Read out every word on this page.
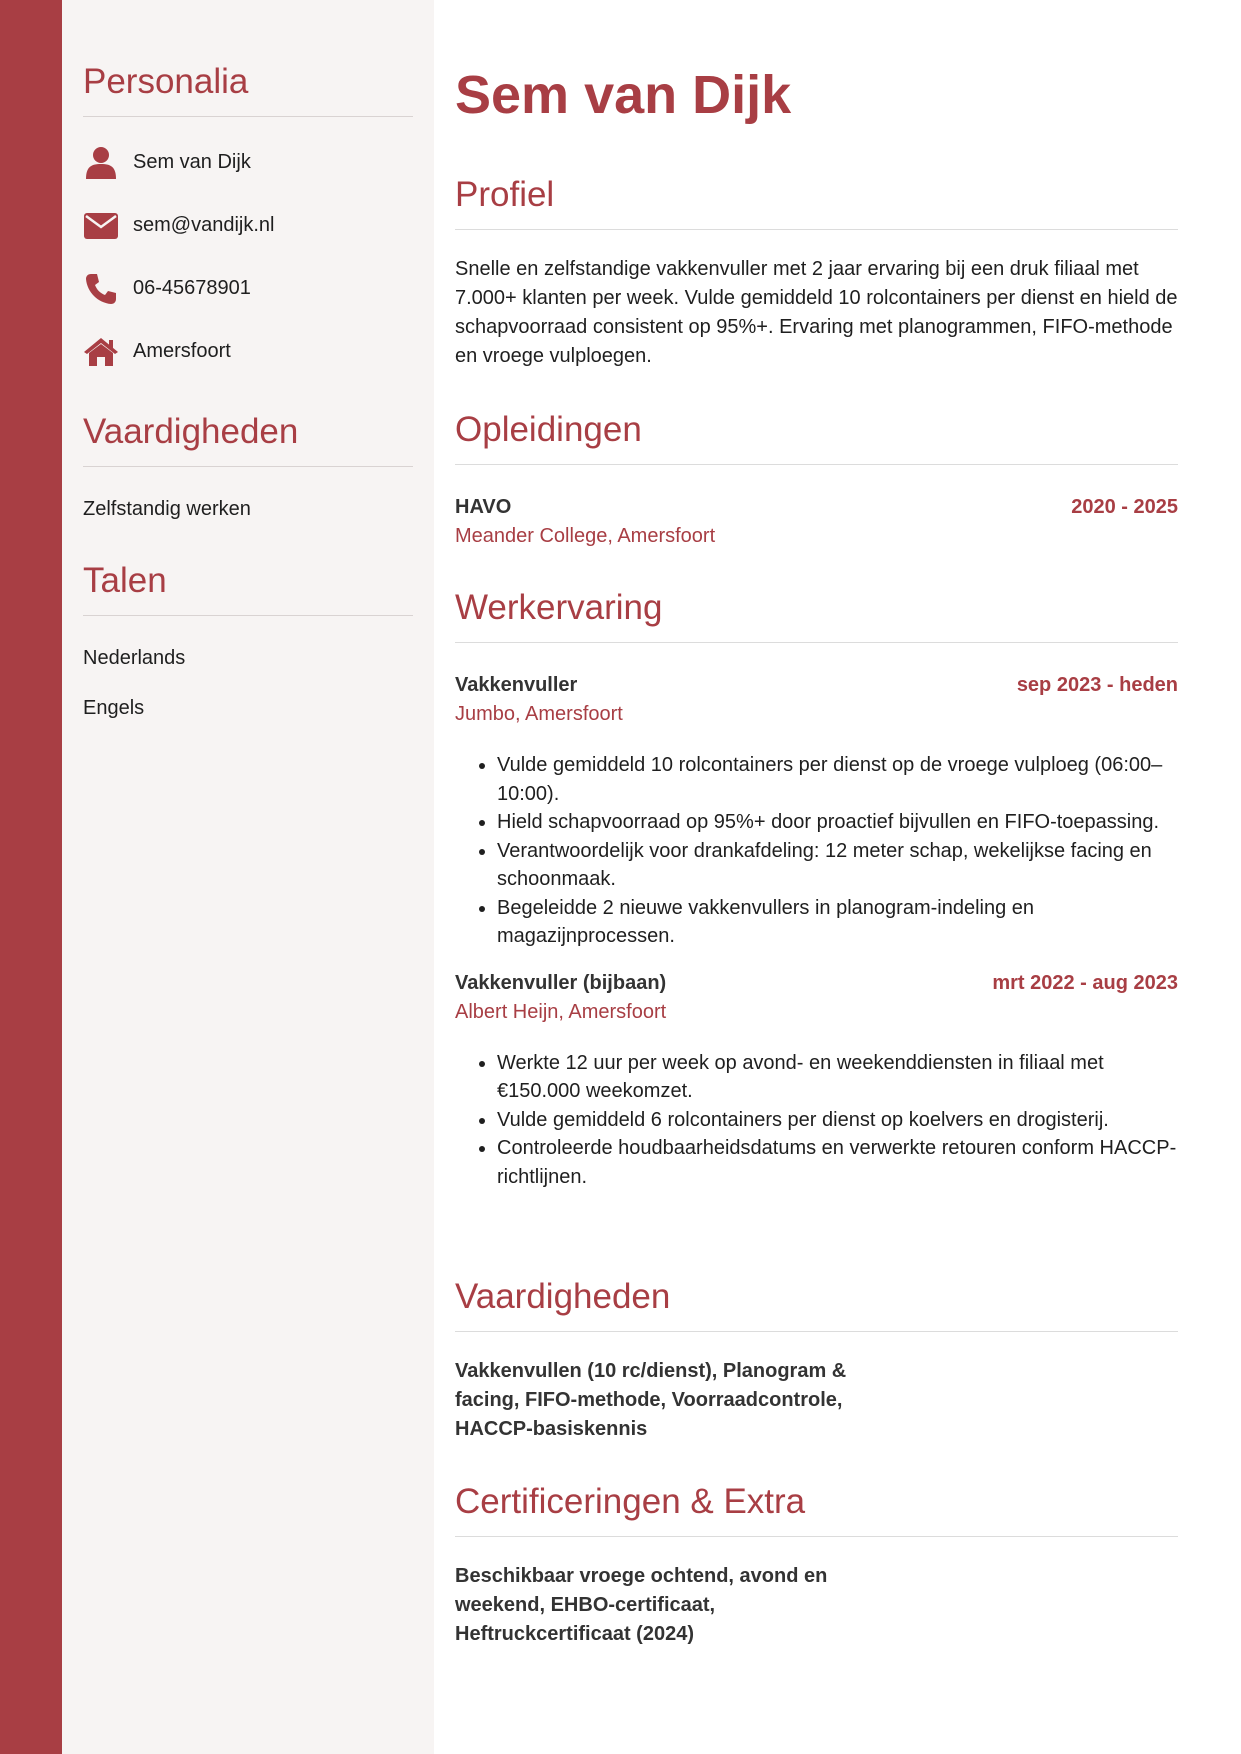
Personalia
Sem van Dijk
sem@vandijk.nl
06-45678901
Amersfoort
Vaardigheden
Zelfstandig werken
Talen
Nederlands
Engels
Sem van Dijk
Profiel

Snelle en zelfstandige vakkenvuller met 2 jaar ervaring bij een druk filiaal met 7.000+ klanten per week. Vulde gemiddeld 10 rolcontainers per dienst en hield de schapvoorraad consistent op 95%+. Ervaring met planogrammen, FIFO-methode en vroege vulploegen.

Opleidingen
HAVO	2020 - 2025
Meander College, Amersfoort
Werkervaring
Vakkenvuller	sep 2023 - heden
Jumbo, Amersfoort
• Vulde gemiddeld 10 rolcontainers per dienst op de vroege vulploeg (06:00–10:00).
• Hield schapvoorraad op 95%+ door proactief bijvullen en FIFO-toepassing.
• Verantwoordelijk voor drankafdeling: 12 meter schap, wekelijkse facing en schoonmaak.
• Begeleidde 2 nieuwe vakkenvullers in planogram-indeling en magazijnprocessen.
Vakkenvuller (bijbaan)	mrt 2022 - aug 2023
Albert Heijn, Amersfoort
• Werkte 12 uur per week op avond- en weekenddiensten in filiaal met €150.000 weekomzet.
• Vulde gemiddeld 6 rolcontainers per dienst op koelvers en drogisterij.
• Controleerde houdbaarheidsdatums en verwerkte retouren conform HACCP-richtlijnen.
Vaardigheden
Vakkenvullen (10 rc/dienst), Planogram & facing, FIFO-methode, Voorraadcontrole, HACCP-basiskennis
Certificeringen & Extra
Beschikbaar vroege ochtend, avond en weekend, EHBO-certificaat, Heftruckcertificaat (2024)
